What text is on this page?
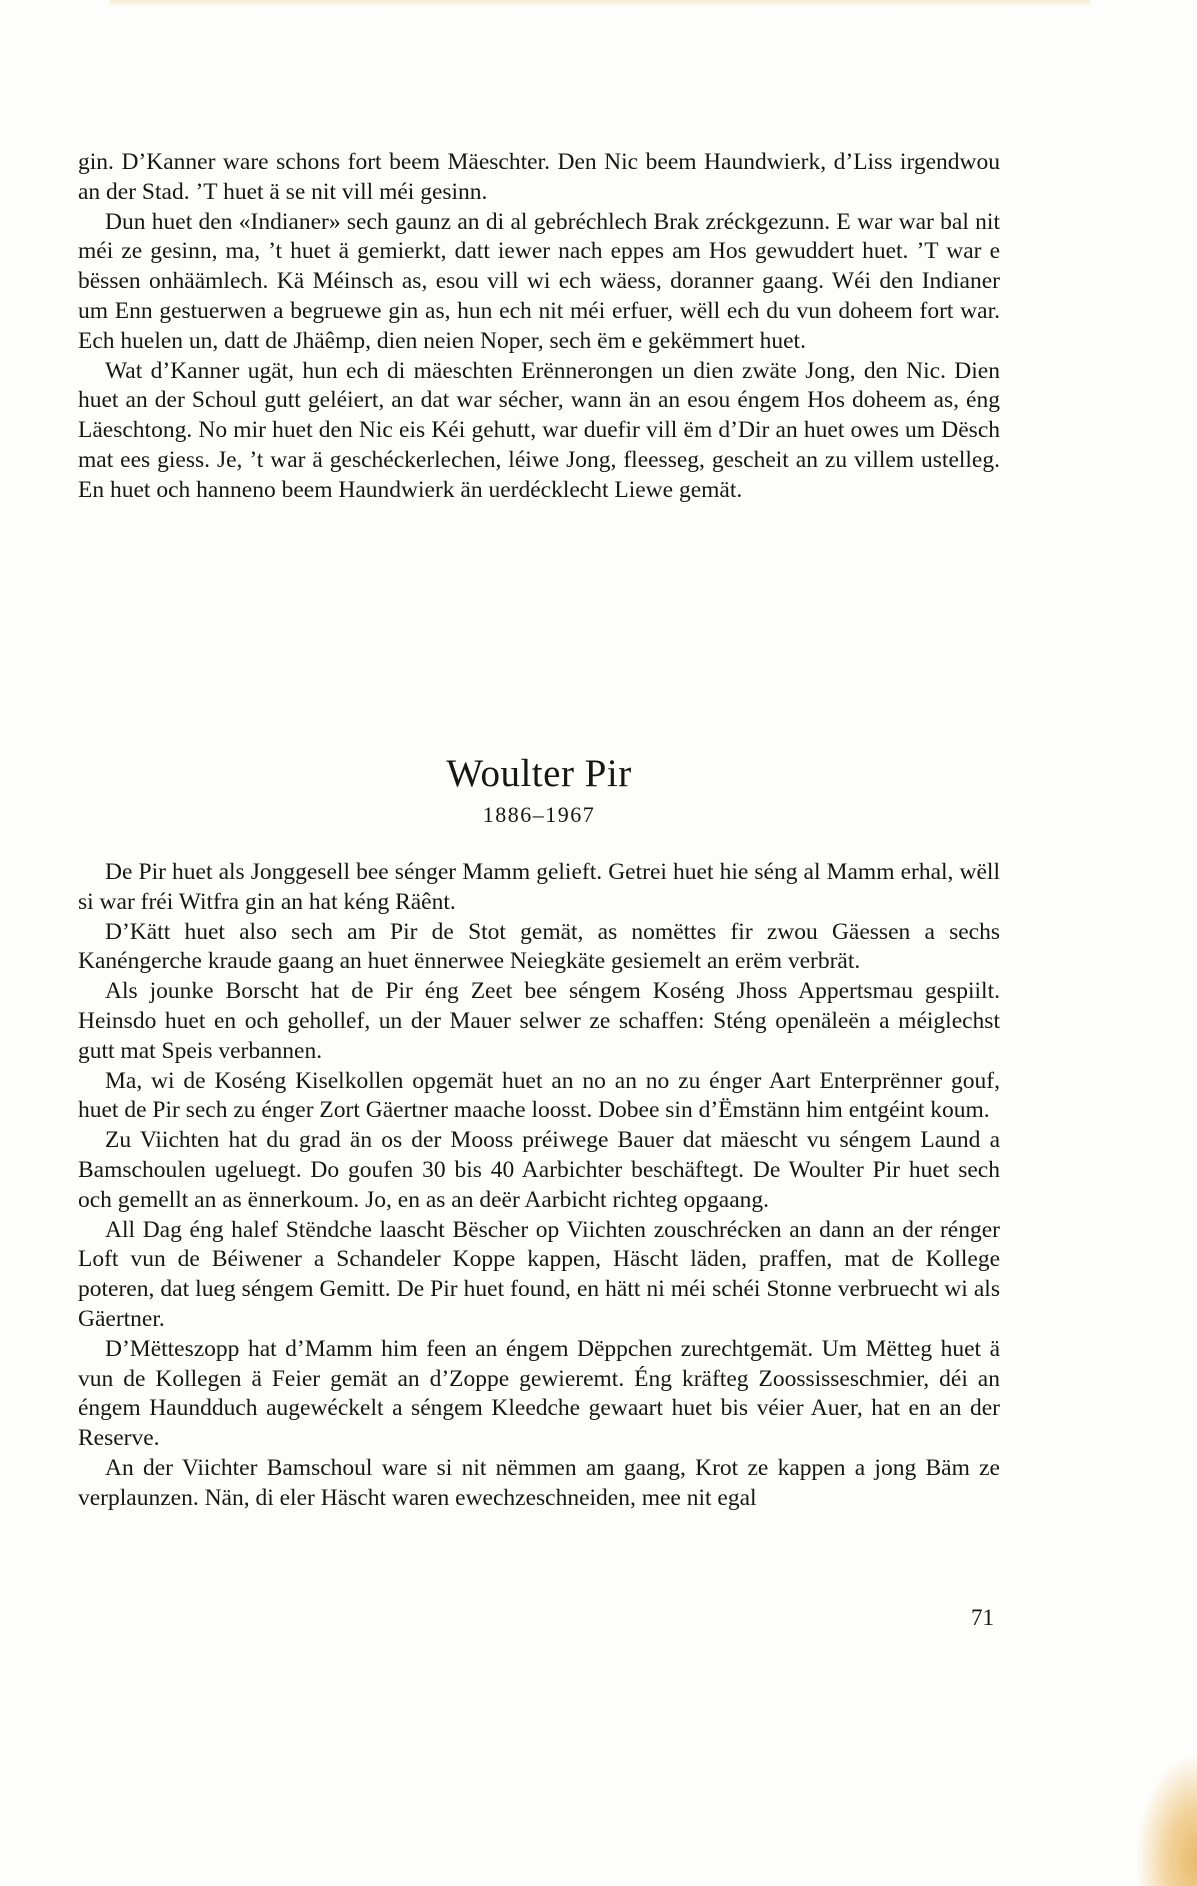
gin. D’Kanner ware schons fort beem Mäeschter. Den Nic beem Haundwierk, d’Liss irgendwou an der Stad. ’T huet ä se nit vill méi gesinn.

Dun huet den «Indianer» sech gaunz an di al gebréchlech Brak zréckgezunn. E war war bal nit méi ze gesinn, ma, ’t huet ä gemierkt, datt iewer nach eppes am Hos gewuddert huet. ’T war e bëssen onhäämlech. Kä Méinsch as, esou vill wi ech wäess, doranner gaang. Wéi den Indianer um Enn gestuerwen a begruewe gin as, hun ech nit méi erfuer, wëll ech du vun doheem fort war. Ech huelen un, datt de Jhäêmp, dien neien Noper, sech ëm e gekëmmert huet.

Wat d’Kanner ugät, hun ech di mäeschten Erënnerongen un dien zwäte Jong, den Nic. Dien huet an der Schoul gutt geléiert, an dat war sécher, wann än an esou éngem Hos doheem as, éng Läeschtong. No mir huet den Nic eis Kéi gehutt, war duefir vill ëm d’Dir an huet owes um Dësch mat ees giess. Je, ’t war ä geschéckerlechen, léiwe Jong, fleesseg, gescheit an zu villem ustelleg. En huet och hanneno beem Haundwierk än uerdécklecht Liewe gemät.

Woulter Pir
1886–1967

De Pir huet als Jonggesell bee sénger Mamm gelieft. Getrei huet hie séng al Mamm erhal, wëll si war fréi Witfra gin an hat kéng Räênt.

D’Kätt huet also sech am Pir de Stot gemät, as nomëttes fir zwou Gäessen a sechs Kanéngerche kraude gaang an huet ënnerwee Neiegkäte gesiemelt an erëm verbrät.

Als jounke Borscht hat de Pir éng Zeet bee séngem Koséng Jhoss Appertsmau gespiilt. Heinsdo huet en och gehollef, un der Mauer selwer ze schaffen: Sténg openäleën a méiglechst gutt mat Speis verbannen.

Ma, wi de Koséng Kiselkollen opgemät huet an no an no zu énger Aart Enterprënner gouf, huet de Pir sech zu énger Zort Gäertner maache loosst. Dobee sin d’Ëmstänn him entgéint koum.

Zu Viichten hat du grad än os der Mooss préiwege Bauer dat mäescht vu séngem Laund a Bamschoulen ugeluegt. Do goufen 30 bis 40 Aarbichter beschäftegt. De Woulter Pir huet sech och gemellt an as ënnerkoum. Jo, en as an deër Aarbicht richteg opgaang.

All Dag éng halef Stëndche laascht Bëscher op Viichten zouschrécken an dann an der rénger Loft vun de Béiwener a Schandeler Koppe kappen, Häscht läden, praffen, mat de Kollege poteren, dat lueg séngem Gemitt. De Pir huet found, en hätt ni méi schéi Stonne verbruecht wi als Gäertner.

D’Mëtteszopp hat d’Mamm him feen an éngem Dëppchen zurechtgemät. Um Mëtteg huet ä vun de Kollegen ä Feier gemät an d’Zoppe gewieremt. Éng kräfteg Zoossisseschmier, déi an éngem Haundduch augewéckelt a séngem Kleedche gewaart huet bis véier Auer, hat en an der Reserve.

An der Viichter Bamschoul ware si nit nëmmen am gaang, Krot ze kappen a jong Bäm ze verplaunzen. Nän, di eler Häscht waren ewechzeschneiden, mee nit egal

71
